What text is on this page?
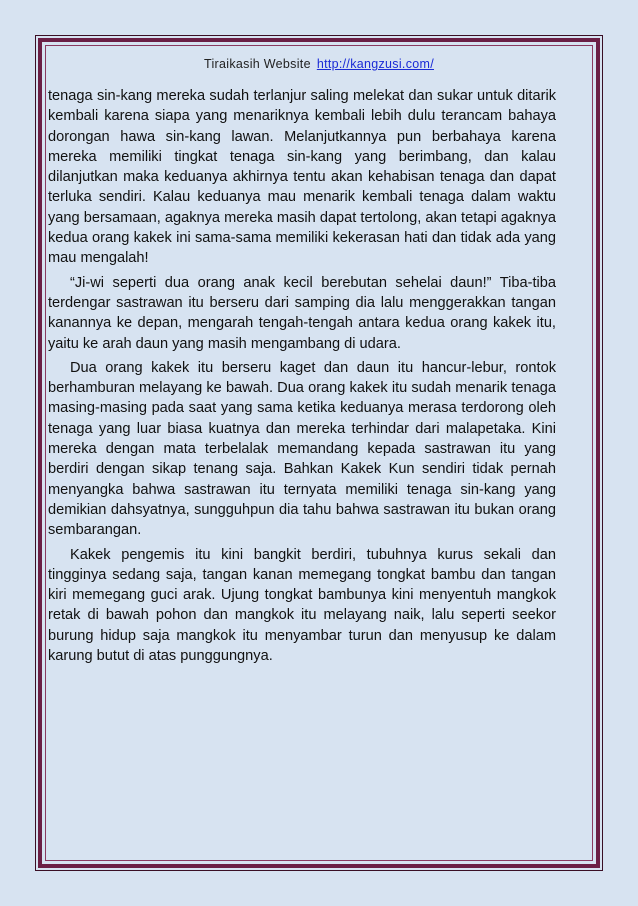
Tiraikasih Website http://kangzusi.com/

tenaga sin-kang mereka sudah terlanjur saling melekat dan sukar untuk ditarik kembali karena siapa yang menariknya kembali lebih dulu terancam bahaya dorongan hawa sin-kang lawan. Melanjutkannya pun berbahaya karena mereka memiliki tingkat tenaga sin-kang yang berimbang, dan kalau dilanjutkan maka keduanya akhirnya tentu akan kehabisan tenaga dan dapat terluka sendiri. Kalau keduanya mau menarik kembali tenaga dalam waktu yang bersamaan, agaknya mereka masih dapat tertolong, akan tetapi agaknya kedua orang kakek ini sama-sama memiliki kekerasan hati dan tidak ada yang mau mengalah!

“Ji-wi seperti dua orang anak kecil berebutan sehelai daun!” Tiba-tiba terdengar sastrawan itu berseru dari samping dia lalu menggerakkan tangan kanannya ke depan, mengarah tengah-tengah antara kedua orang kakek itu, yaitu ke arah daun yang masih mengambang di udara.

Dua orang kakek itu berseru kaget dan daun itu hancur-lebur, rontok berhamburan melayang ke bawah. Dua orang kakek itu sudah menarik tenaga masing-masing pada saat yang sama ketika keduanya merasa terdorong oleh tenaga yang luar biasa kuatnya dan mereka terhindar dari malapetaka. Kini mereka dengan mata terbelalak memandang kepada sastrawan itu yang berdiri dengan sikap tenang saja. Bahkan Kakek Kun sendiri tidak pernah menyangka bahwa sastrawan itu ternyata memiliki tenaga sin-kang yang demikian dahsyatnya, sungguhpun dia tahu bahwa sastrawan itu bukan orang sembarangan.

Kakek pengemis itu kini bangkit berdiri, tubuhnya kurus sekali dan tingginya sedang saja, tangan kanan memegang tongkat bambu dan tangan kiri memegang guci arak. Ujung tongkat bambunya kini menyentuh mangkok retak di bawah pohon dan mangkok itu melayang naik, lalu seperti seekor burung hidup saja mangkok itu menyambar turun dan menyusup ke dalam karung butut di atas punggungnya.
